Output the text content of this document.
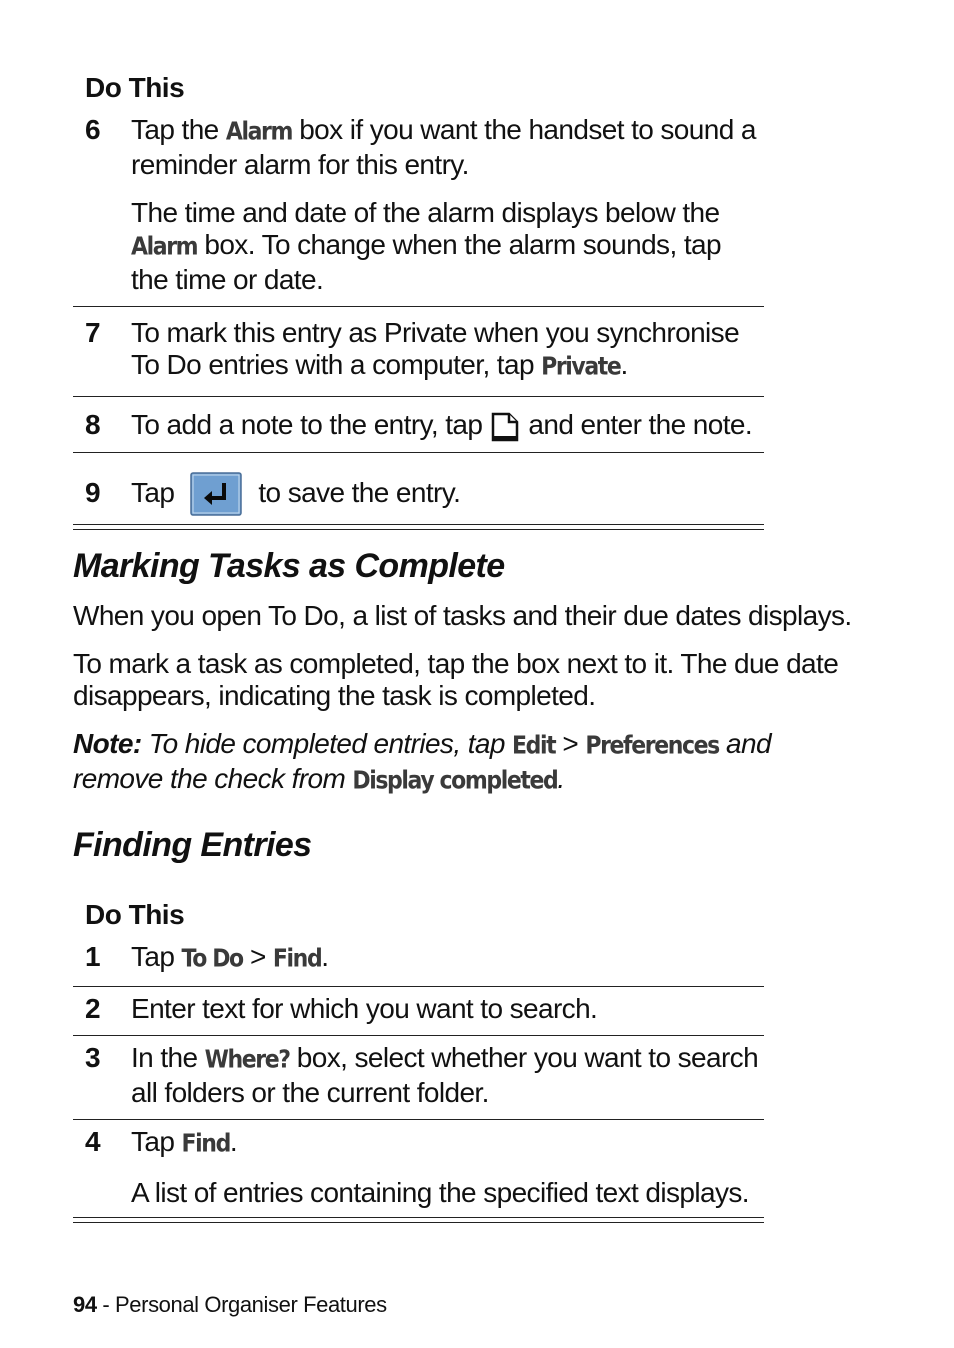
Do This
6	Tap the Alarm box if you want the handset to sound a reminder alarm for this entry.

The time and date of the alarm displays below the Alarm box. To change when the alarm sounds, tap the time or date.

7	To mark this entry as Private when you synchronise To Do entries with a computer, tap Private.

8	To add a note to the entry, tap and enter the note.

9	Tap	to save the entry.

Marking Tasks as Complete

When you open To Do, a list of tasks and their due dates displays.

To mark a task as completed, tap the box next to it. The due date disappears, indicating the task is completed.

Note: To hide completed entries, tap Edit > Preferences and remove the check from Display completed.

Finding Entries
Do This
1	Tap To Do > Find.

2	Enter text for which you want to search.
3	In the Where? box, select whether you want to search all folders or the current folder.

4	Tap Find.

A list of entries containing the specified text displays.

94 - Personal Organiser Features
